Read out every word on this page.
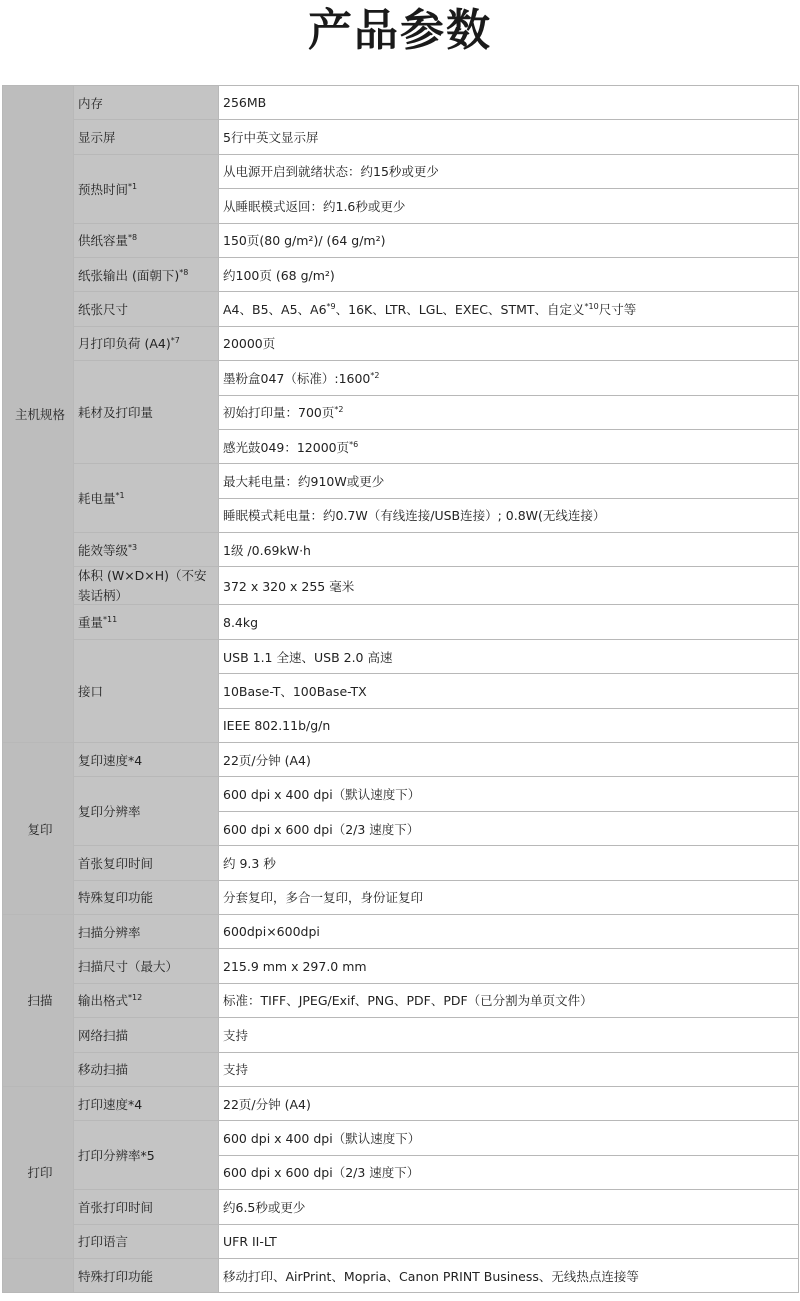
产品参数
主机规格	内存	256MB
	显示屏	5行中英文显示屏
	预热时间$^{*1}$	从电源开启到就绪状态：约15秒或更少
		从睡眠模式返回：约1.6秒或更少
	供纸容量$^{*8}$	150页(80 g/m²)/ (64 g/m²)
	纸张输出 (面朝下)$^{*8}$	约100页 (68 g/m²)
	纸张尺寸	A4、B5、A5、A6$^{*9}$、16K、LTR、LGL、EXEC、STMT、自定义$^{*10}$尺寸等
	月打印负荷 $(A4)^{*7}$	20000页
	耗材及打印量	墨粉盒047（标准）:1600$^{*2}$
		初始打印量：700页$^{*2}$
		感光鼓049：12000页$^{*6}$
	耗电量$^{*1}$	最大耗电量：约910W或更少
		睡眠模式耗电量：约0.7W（有线连接/USB连接）; 0.8W(无线连接）
	能效等级$^{*3}$	1级 /0.69kW·h
	体积 (W×D×H)（不安装话柄）	372 x 320 x 255 毫米
	重量$^{*11}$	8.4kg
	接口	USB 1.1 全速、USB 2.0 高速
		10Base-T、100Base-TX
		IEEE 802.11b/g/n
复印	复印速度*4	22页/分钟 (A4)
	复印分辨率	600 dpi x 400 dpi（默认速度下）
		600 dpi x 600 dpi（2/3 速度下）
	首张复印时间	约 9.3 秒
	特殊复印功能	分套复印，多合一复印，身份证复印
扫描	扫描分辨率	600dpi×600dpi
	扫描尺寸（最大）	215.9 mm x 297.0 mm
	输出格式$^{*12}$	标准：TIFF、JPEG/Exif、PNG、PDF、PDF（已分割为单页文件）
	网络扫描	支持
	移动扫描	支持
打印	打印速度*4	22页/分钟 (A4)
	打印分辨率*5	600 dpi x 400 dpi（默认速度下）
		600 dpi x 600 dpi（2/3 速度下）
	首张打印时间	约6.5秒或更少
	打印语言	UFR II-LT
	特殊打印功能	移动打印、AirPrint、Mopria、Canon PRINT Business、无线热点连接等
